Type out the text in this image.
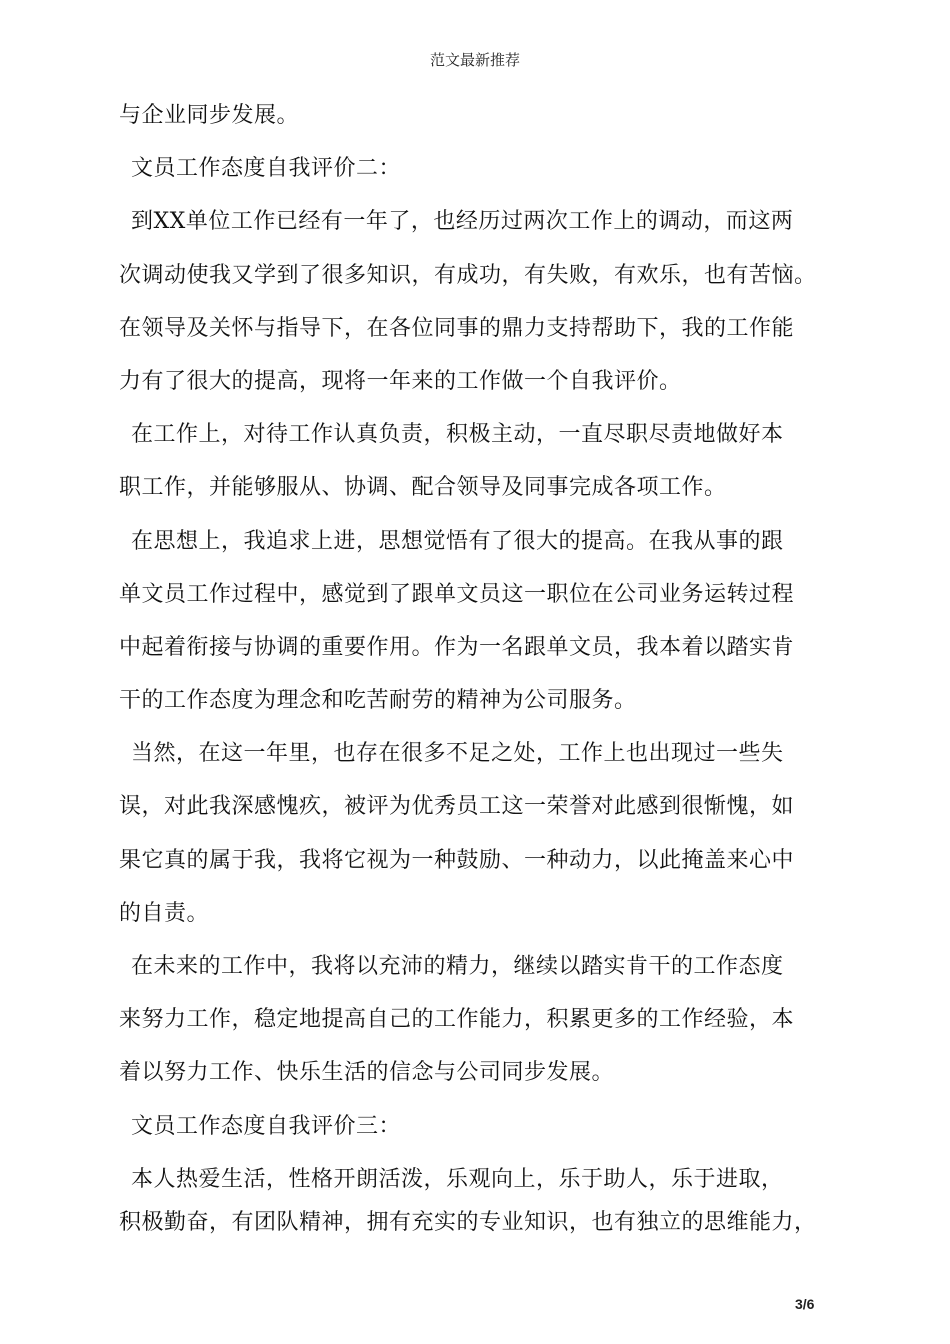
范文最新推荐
与企业同步发展。
文员工作态度自我评价二：
到XX单位工作已经有一年了，也经历过两次工作上的调动，而这两
次调动使我又学到了很多知识，有成功，有失败，有欢乐，也有苦恼。
在领导及关怀与指导下，在各位同事的鼎力支持帮助下，我的工作能
力有了很大的提高，现将一年来的工作做一个自我评价。
在工作上，对待工作认真负责，积极主动，一直尽职尽责地做好本
职工作，并能够服从、协调、配合领导及同事完成各项工作。
在思想上，我追求上进，思想觉悟有了很大的提高。在我从事的跟
单文员工作过程中，感觉到了跟单文员这一职位在公司业务运转过程
中起着衔接与协调的重要作用。作为一名跟单文员，我本着以踏实肯
干的工作态度为理念和吃苦耐劳的精神为公司服务。
当然，在这一年里，也存在很多不足之处，工作上也出现过一些失
误，对此我深感愧疚，被评为优秀员工这一荣誉对此感到很惭愧，如
果它真的属于我，我将它视为一种鼓励、一种动力，以此掩盖来心中
的自责。
在未来的工作中，我将以充沛的精力，继续以踏实肯干的工作态度
来努力工作，稳定地提高自己的工作能力，积累更多的工作经验，本
着以努力工作、快乐生活的信念与公司同步发展。
文员工作态度自我评价三：
本人热爱生活，性格开朗活泼，乐观向上，乐于助人，乐于进取，
积极勤奋，有团队精神，拥有充实的专业知识，也有独立的思维能力，
3/6
